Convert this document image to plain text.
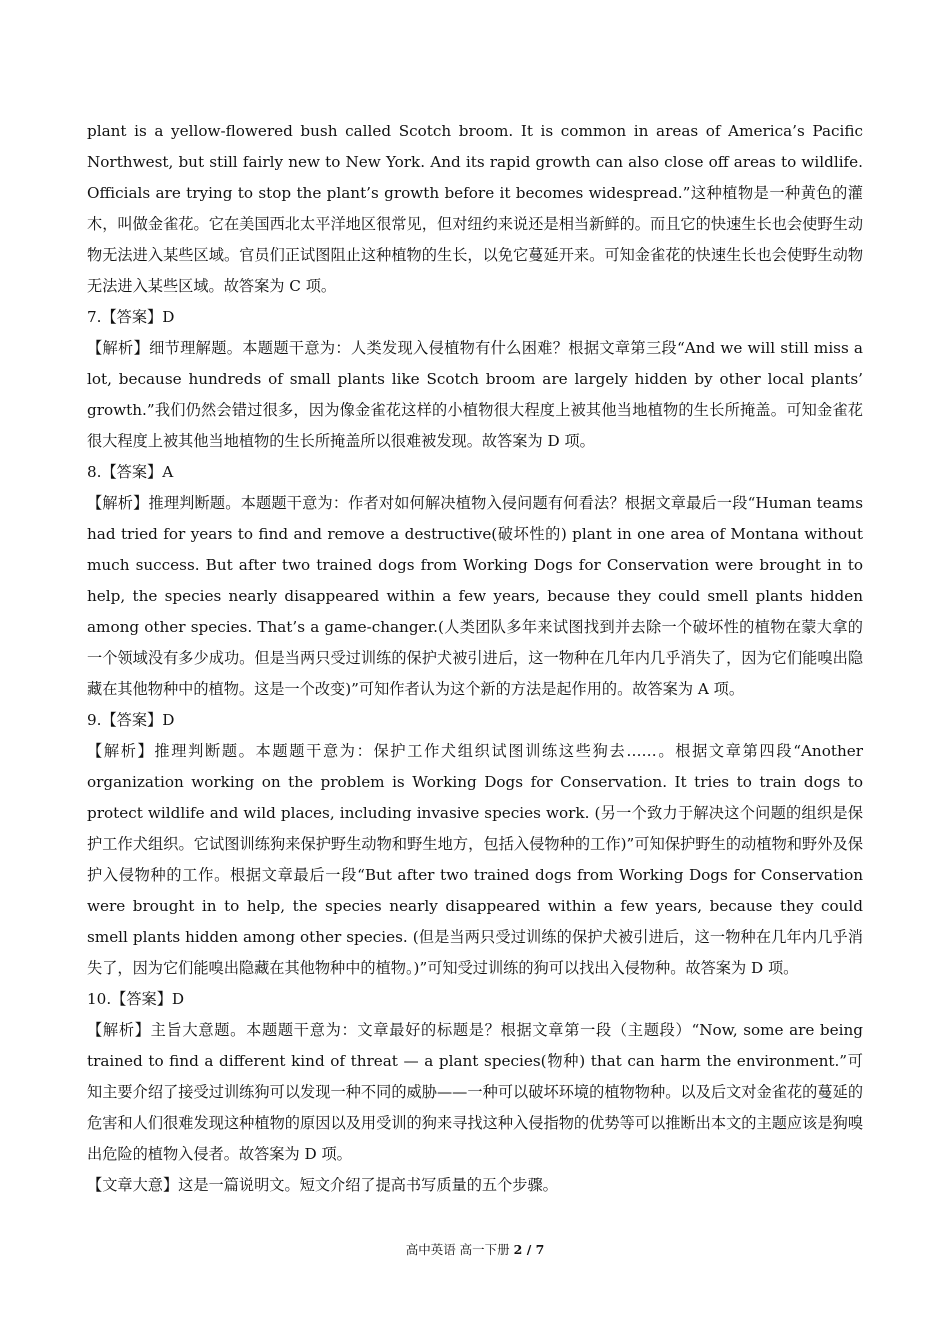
plant is a yellow-flowered bush called Scotch broom. It is common in areas of America’s Pacific Northwest, but still fairly new to New York. And its rapid growth can also close off areas to wildlife. Officials are trying to stop the plant’s growth before it becomes widespread.”这种植物是一种黄色的灌木，叫做金雀花。它在美国西北太平洋地区很常见，但对纽约来说还是相当新鲜的。而且它的快速生长也会使野生动物无法进入某些区域。官员们正试图阻止这种植物的生长，以免它蔓延开来。可知金雀花的快速生长也会使野生动物无法进入某些区域。故答案为 C 项。

7.【答案】D

【解析】细节理解题。本题题干意为：人类发现入侵植物有什么困难？根据文章第三段“And we will still miss a lot, because hundreds of small plants like Scotch broom are largely hidden by other local plants’ growth.”我们仍然会错过很多，因为像金雀花这样的小植物很大程度上被其他当地植物的生长所掩盖。可知金雀花很大程度上被其他当地植物的生长所掩盖所以很难被发现。故答案为 D 项。

8.【答案】A

【解析】推理判断题。本题题干意为：作者对如何解决植物入侵问题有何看法？根据文章最后一段“Human teams had tried for years to find and remove a destructive(破坏性的) plant in one area of Montana without much success. But after two trained dogs from Working Dogs for Conservation were brought in to help, the species nearly disappeared within a few years, because they could smell plants hidden among other species. That’s a game-changer.(人类团队多年来试图找到并去除一个破坏性的植物在蒙大拿的一个领域没有多少成功。但是当两只受过训练的保护犬被引进后，这一物种在几年内几乎消失了，因为它们能嗅出隐藏在其他物种中的植物。这是一个改变)”可知作者认为这个新的方法是起作用的。故答案为 A 项。

9.【答案】D

【解析】推理判断题。本题题干意为：保护工作犬组织试图训练这些狗去……。根据文章第四段“Another organization working on the problem is Working Dogs for Conservation. It tries to train dogs to protect wildlife and wild places, including invasive species work. (另一个致力于解决这个问题的组织是保护工作犬组织。它试图训练狗来保护野生动物和野生地方，包括入侵物种的工作)”可知保护野生的动植物和野外及保护入侵物种的工作。根据文章最后一段“But after two trained dogs from Working Dogs for Conservation were brought in to help, the species nearly disappeared within a few years, because they could smell plants hidden among other species. (但是当两只受过训练的保护犬被引进后，这一物种在几年内几乎消失了，因为它们能嗅出隐藏在其他物种中的植物。)”可知受过训练的狗可以找出入侵物种。故答案为 D 项。

10.【答案】D

【解析】主旨大意题。本题题干意为：文章最好的标题是？根据文章第一段（主题段）“Now, some are being trained to find a different kind of threat — a plant species(物种) that can harm the environment.”可知主要介绍了接受过训练狗可以发现一种不同的威胁——一种可以破坏环境的植物物种。以及后文对金雀花的蔓延的危害和人们很难发现这种植物的原因以及用受训的狗来寻找这种入侵指物的优势等可以推断出本文的主题应该是狗嗅出危险的植物入侵者。故答案为 D 项。

【文章大意】这是一篇说明文。短文介绍了提高书写质量的五个步骤。

高中英语 高一下册 2 / 7
